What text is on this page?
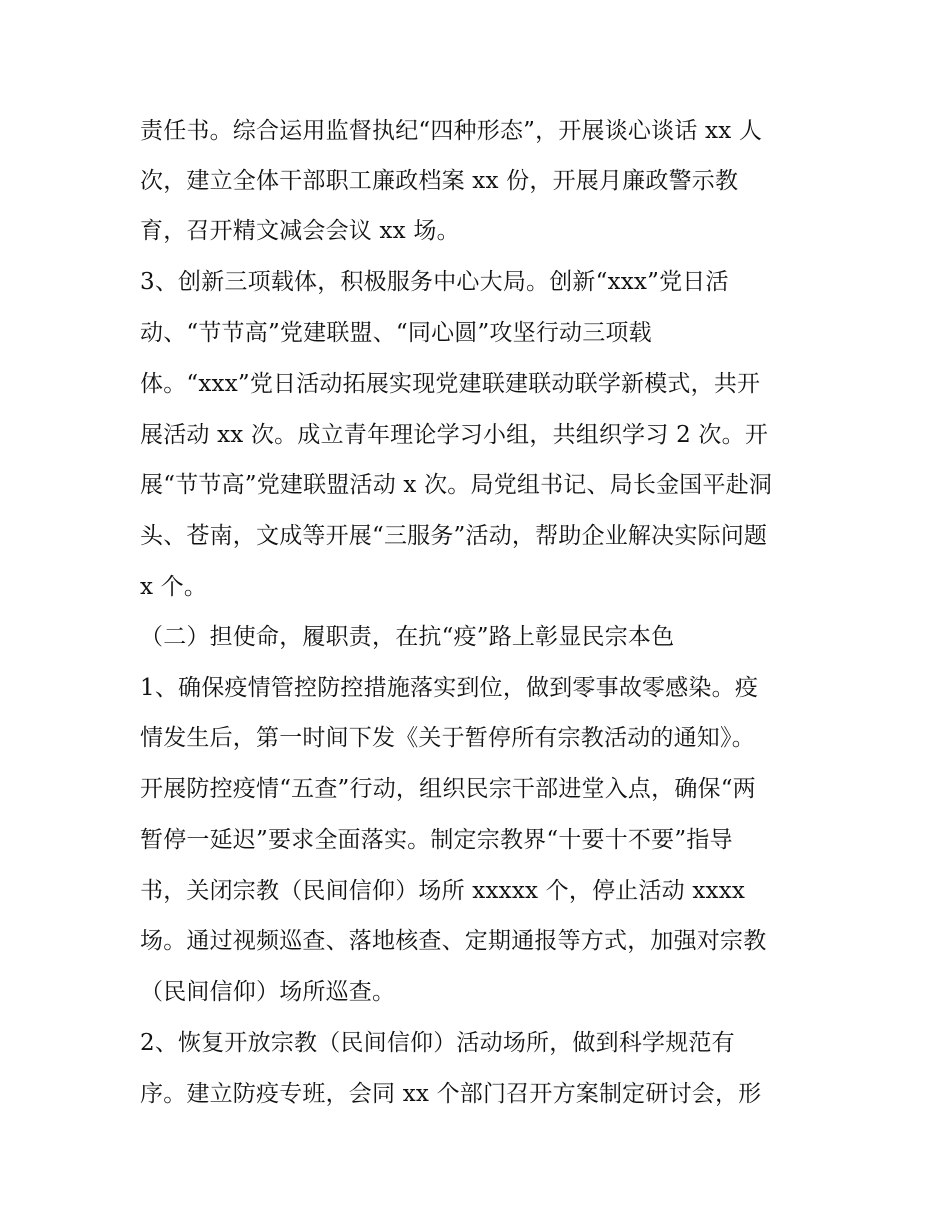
责任书。综合运用监督执纪“四种形态”，开展谈心谈话 xx 人
次，建立全体干部职工廉政档案 xx 份，开展月廉政警示教
育，召开精文减会会议 xx 场。
3、创新三项载体，积极服务中心大局。创新“xxx”党日活
动、“节节高”党建联盟、“同心圆”攻坚行动三项载
体。“xxx”党日活动拓展实现党建联建联动联学新模式，共开
展活动 xx 次。成立青年理论学习小组，共组织学习 2 次。开
展“节节高”党建联盟活动 x 次。局党组书记、局长金国平赴洞
头、苍南，文成等开展“三服务”活动，帮助企业解决实际问题
x 个。
（二）担使命，履职责，在抗“疫”路上彰显民宗本色
1、确保疫情管控防控措施落实到位，做到零事故零感染。疫
情发生后，第一时间下发《关于暂停所有宗教活动的通知》。
开展防控疫情“五查”行动，组织民宗干部进堂入点，确保“两
暂停一延迟”要求全面落实。制定宗教界“十要十不要”指导
书，关闭宗教（民间信仰）场所 xxxxx 个，停止活动 xxxx
场。通过视频巡查、落地核查、定期通报等方式，加强对宗教
（民间信仰）场所巡查。
2、恢复开放宗教（民间信仰）活动场所，做到科学规范有
序。建立防疫专班，会同 xx 个部门召开方案制定研讨会，形
